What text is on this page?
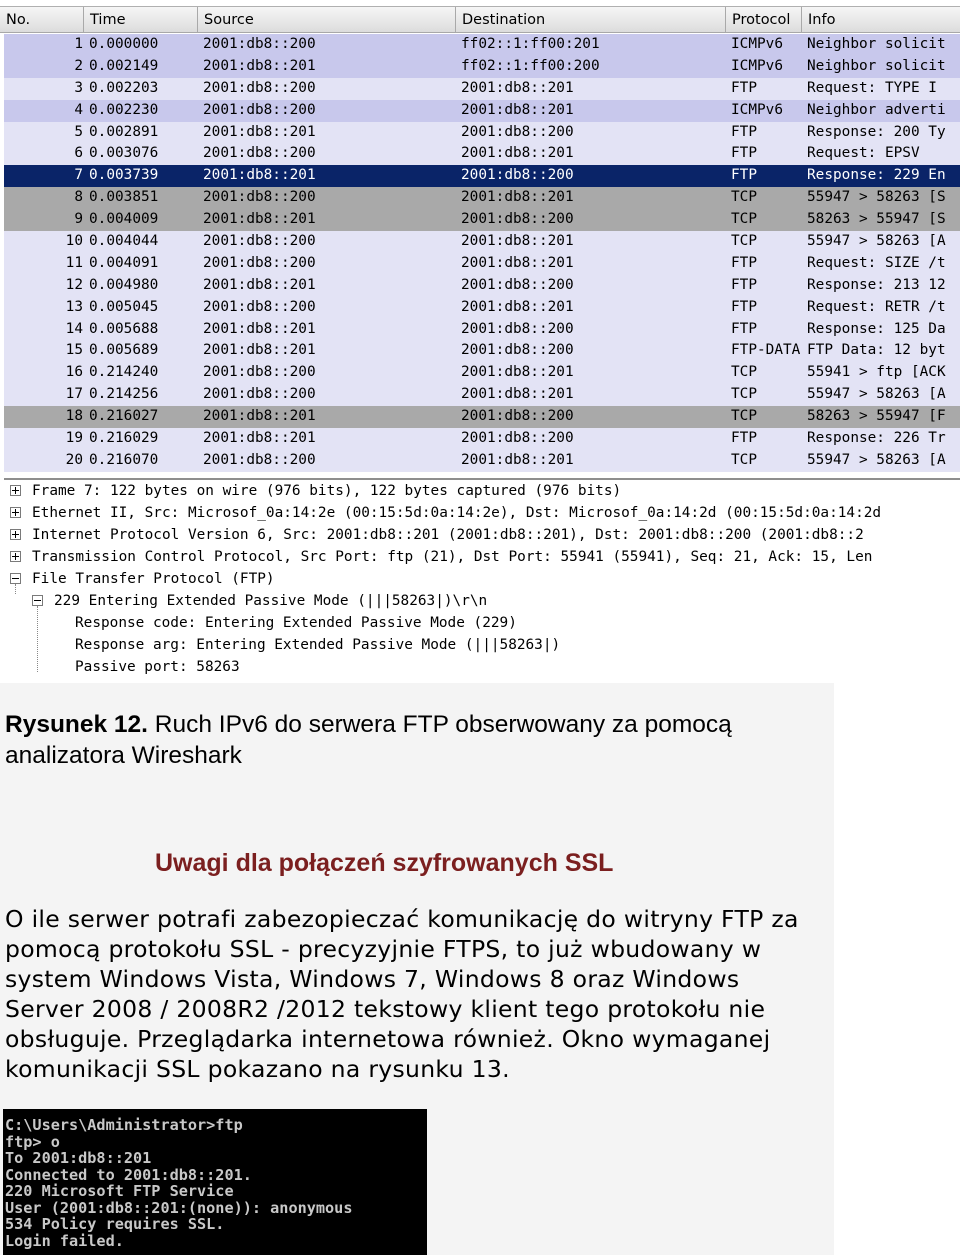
No.	Time	Source	Destination	Protocol	Info
1 0.000000	2001:db8::200	ff02::1:ff00:201	ICMPv6	Neighbor solicit
2 0.002149	2001:db8::201	ff02::1:ff00:200	ICMPv6	Neighbor solicit
3 0.002203	2001:db8::200	2001:db8::201	FTP	Request: TYPE I
4 0.002230	2001:db8::200	2001:db8::201	ICMPv6	Neighbor adverti
5 0.002891	2001:db8::201	2001:db8::200	FTP	Response: 200 Ty
6 0.003076	2001:db8::200	2001:db8::201	FTP	Request: EPSV
7 0.003739	2001:db8::201	2001:db8::200	FTP	Response: 229 En
8 0.003851	2001:db8::200	2001:db8::201	TCP	55947 > 58263 [S
9 0.004009	2001:db8::201	2001:db8::200	TCP	58263 > 55947 [S
10 0.004044	2001:db8::200	2001:db8::201	TCP	55947 > 58263 [A
11 0.004091	2001:db8::200	2001:db8::201	FTP	Request: SIZE /t
12 0.004980	2001:db8::201	2001:db8::200	FTP	Response: 213 12
13 0.005045	2001:db8::200	2001:db8::201	FTP	Request: RETR /t
14 0.005688	2001:db8::201	2001:db8::200	FTP	Response: 125 Da
15 0.005689	2001:db8::201	2001:db8::200	FTP-DATA FTP Data: 12 byt
16 0.214240	2001:db8::200	2001:db8::201	TCP	55941 > ftp [ACK
17 0.214256	2001:db8::200	2001:db8::201	TCP	55947 > 58263 [A
18 0.216027	2001:db8::201	2001:db8::200	TCP	58263 > 55947 [F
19 0.216029	2001:db8::201	2001:db8::200	FTP	Response: 226 Tr
20 0.216070	2001:db8::200	2001:db8::201	TCP	55947 > 58263 [A
Frame 7: 122 bytes on wire (976 bits), 122 bytes captured (976 bits)
Ethernet II, Src: Microsof_0a:14:2e (00:15:5d:0a:14:2e), Dst: Microsof_0a:14:2d (00:15:5d:0a:14:2d
Internet Protocol Version 6, Src: 2001:db8::201 (2001:db8::201), Dst: 2001:db8::200 (2001:db8::2
Transmission Control Protocol, Src Port: ftp (21), Dst Port: 55941 (55941), Seq: 21, Ack: 15, Len
File Transfer Protocol (FTP)
229 Entering Extended Passive Mode (|||58263|)\r\n
Response code: Entering Extended Passive Mode (229)
Response arg: Entering Extended Passive Mode (|||58263|)
Passive port: 58263
Rysunek 12. Ruch IPv6 do serwera FTP obserwowany za pomocą analizatora Wireshark
Uwagi dla połączeń szyfrowanych SSL
O ile serwer potrafi zabezopieczać komunikację do witryny FTP za
pomocą protokołu SSL - precyzyjnie FTPS, to już wbudowany w
system Windows Vista, Windows 7, Windows 8 oraz Windows
Server 2008 / 2008R2 /2012 tekstowy klient tego protokołu nie
obsługuje. Przeglądarka internetowa również. Okno wymaganej
komunikacji SSL pokazano na rysunku 13.
C:\Users\Administrator>ftp
ftp> o
To 2001:db8::201
Connected to 2001:db8::201.
220 Microsoft FTP Service
User (2001:db8::201:(none)): anonymous
534 Policy requires SSL.
Login failed.
